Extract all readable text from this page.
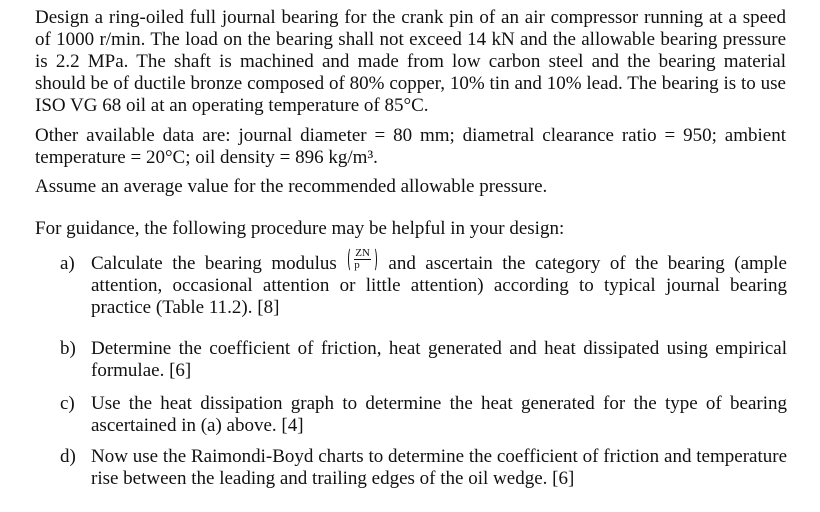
Design a ring-oiled full journal bearing for the crank pin of an air compressor running at a speed of 1000 r/min. The load on the bearing shall not exceed 14 kN and the allowable bearing pressure is 2.2 MPa. The shaft is machined and made from low carbon steel and the bearing material should be of ductile bronze composed of 80% copper, 10% tin and 10% lead. The bearing is to use ISO VG 68 oil at an operating temperature of 85°C.

Other available data are: journal diameter = 80 mm; diametral clearance ratio = 950; ambient temperature = 20°C; oil density = 896 kg/m³.

Assume an average value for the recommended allowable pressure.

For guidance, the following procedure may be helpful in your design:

a) Calculate the bearing modulus $\frac{ZN}{p}$ and ascertain the category of the bearing (ample attention, occasional attention or little attention) according to typical journal bearing practice (Table 11.2). [8]

b) Determine the coefficient of friction, heat generated and heat dissipated using empirical formulae. [6]

c) Use the heat dissipation graph to determine the heat generated for the type of bearing ascertained in (a) above. [4]

d) Now use the Raimondi-Boyd charts to determine the coefficient of friction and temperature rise between the leading and trailing edges of the oil wedge. [6]
